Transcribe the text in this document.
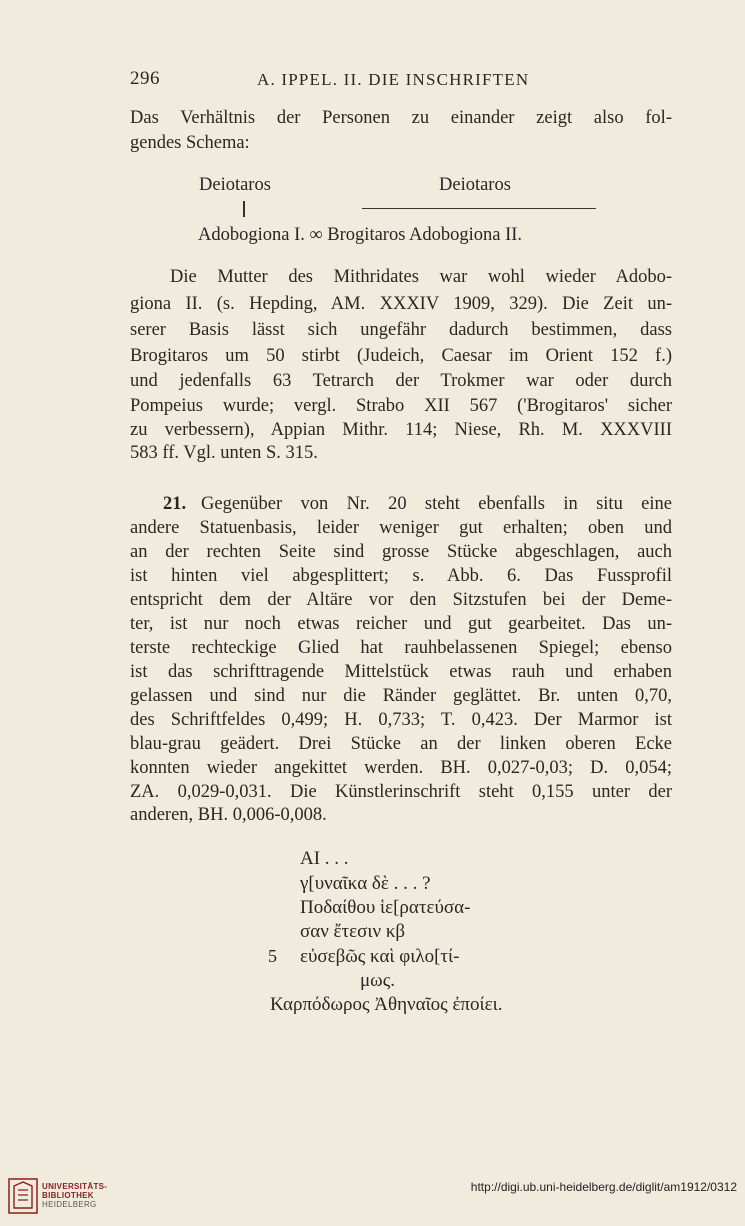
296	A. IPPEL. II. DIE INSCHRIFTEN
Das Verhältnis der Personen zu einander zeigt also fol-
gendes Schema:
Deiotaros	Deiotaros
Adobogiona I. ∞ Brogitaros Adobogiona II.
Die Mutter des Mithridates war wohl wieder Adobo-
giona II. (s. Hepding, AM. XXXIV 1909, 329). Die Zeit un-
serer Basis lässt sich ungefähr dadurch bestimmen, dass
Brogitaros um 50 stirbt (Judeich, Caesar im Orient 152 f.)
und jedenfalls 63 Tetrarch der Trokmer war oder durch
Pompeius wurde; vergl. Strabo XII 567 ('Brogitaros' sicher
zu verbessern), Appian Mithr. 114; Niese, Rh. M. XXXVIII
583 ff. Vgl. unten S. 315.
21. Gegenüber von Nr. 20 steht ebenfalls in situ eine
andere Statuenbasis, leider weniger gut erhalten; oben und
an der rechten Seite sind grosse Stücke abgeschlagen, auch
ist hinten viel abgesplittert; s. Abb. 6. Das Fussprofil
entspricht dem der Altäre vor den Sitzstufen bei der Deme-
ter, ist nur noch etwas reicher und gut gearbeitet. Das un-
terste rechteckige Glied hat rauhbelassenen Spiegel; ebenso
ist das schrifttragende Mittelstück etwas rauh und erhaben
gelassen und sind nur die Ränder geglättet. Br. unten 0,70,
des Schriftfeldes 0,499; H. 0,733; T. 0,423. Der Marmor ist
blau-grau geädert. Drei Stücke an der linken oberen Ecke
konnten wieder angekittet werden. BH. 0,027-0,03; D. 0,054;
ZA. 0,029-0,031. Die Künstlerinschrift steht 0,155 unter der
anderen, BH. 0,006-0,008.
ΑΙ . . .
γ[υναῖκα δὲ . . . ?
Ποδαίθου ἱε[ρατεύσα-
σαν ἔτεσιν κβ
5 εὐσεβῶς καὶ φιλο[τί-
μως.
Καρπόδωρος Ἀθηναῖος ἐποίει.
UNIVERSITÄTS-
BIBLIOTHEK
HEIDELBERG
http://digi.ub.uni-heidelberg.de/diglit/am1912/0312
